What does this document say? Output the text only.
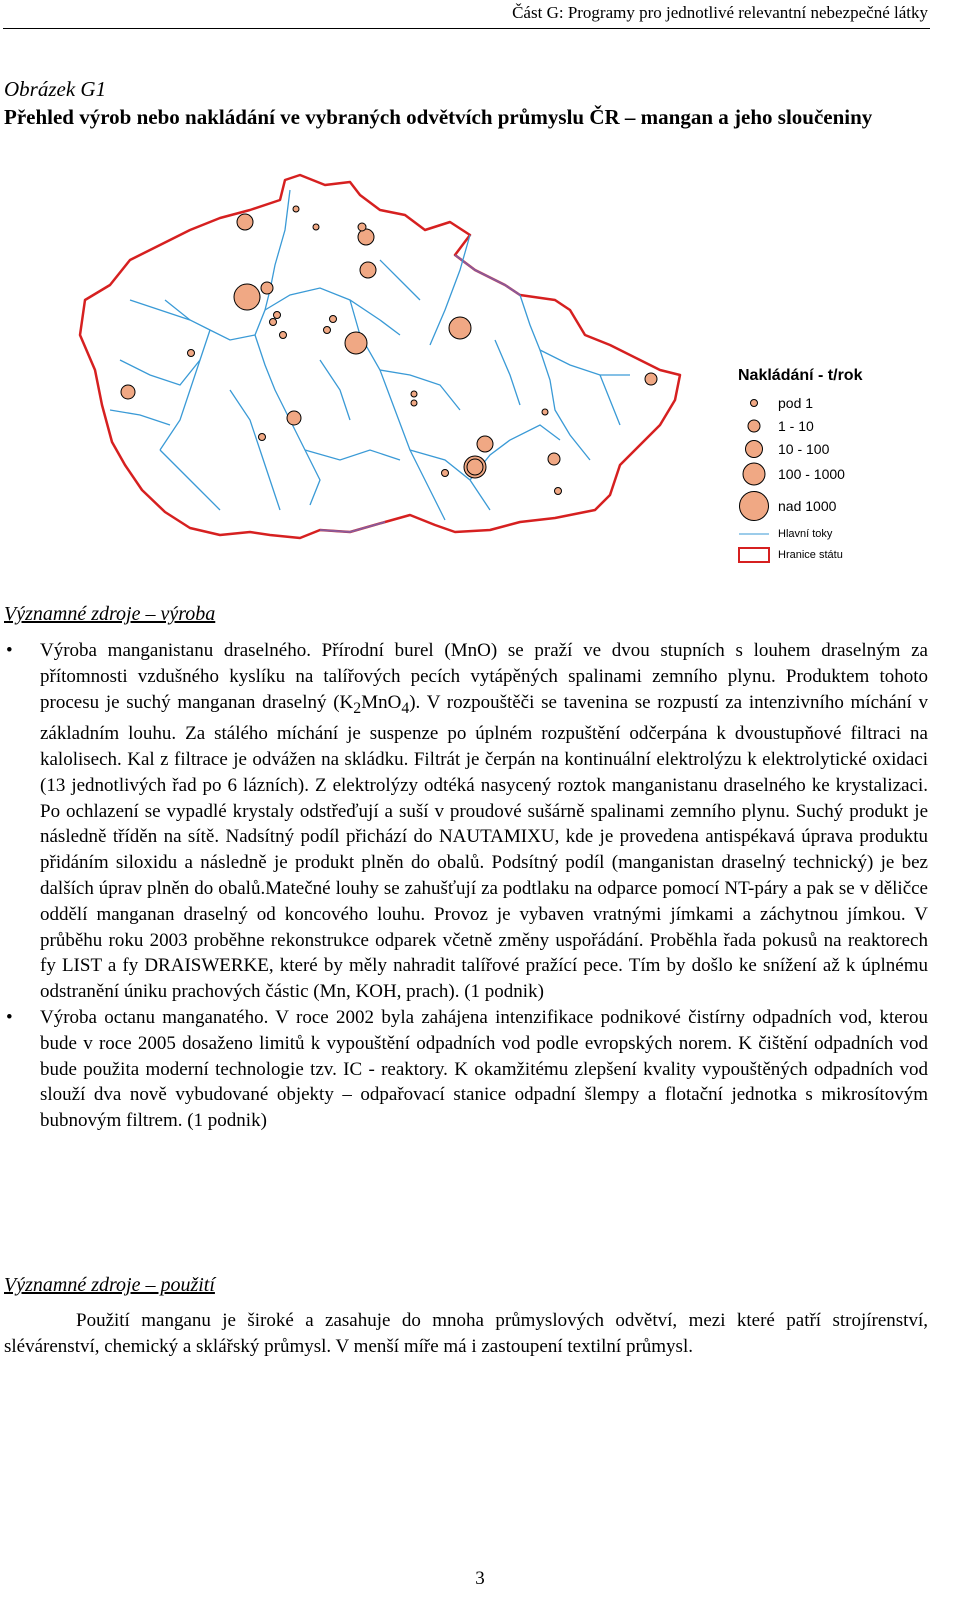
Část G: Programy pro jednotlivé relevantní nebezpečné látky
Obrázek G1
Přehled výrob nebo nakládání ve vybraných odvětvích průmyslu ČR – mangan a jeho sloučeniny
Nakládání - t/rok
pod 1
1 - 10
10 - 100
100 - 1000
nad 1000
Hlavní toky
Hranice státu
Významné zdroje – výroba
• Výroba manganistanu draselného. Přírodní burel (MnO) se praží ve dvou stupních s louhem draselným za přítomnosti vzdušného kyslíku na talířových pecích vytápěných spalinami zemního plynu. Produktem tohoto procesu je suchý manganan draselný $(K_2MnO_4)$. V rozpouštěči se tavenina se rozpustí za intenzivního míchání v základním louhu. Za stálého míchání je suspenze po úplném rozpuštění odčerpána k dvoustupňové filtraci na kalolisech. Kal z filtrace je odvážen na skládku. Filtrát je čerpán na kontinuální elektrolýzu k elektrolytické oxidaci (13 jednotlivých řad po 6 lázních). Z elektrolýzy odtéká nasycený roztok manganistanu draselného ke krystalizaci. Po ochlazení se vypadlé krystaly odstřeďují a suší v proudové sušárně spalinami zemního plynu. Suchý produkt je následně tříděn na sítě. Nadsítný podíl přichází do NAUTAMIXU, kde je provedena antispékavá úprava produktu přidáním siloxidu a následně je produkt plněn do obalů. Podsítný podíl (manganistan draselný technický) je bez dalších úprav plněn do obalů.Matečné louhy se zahušťují za podtlaku na odparce pomocí NT-páry a pak se v děličce oddělí manganan draselný od koncového louhu. Provoz je vybaven vratnými jímkami a záchytnou jímkou. V průběhu roku 2003 proběhne rekonstrukce odparek včetně změny uspořádání. Proběhla řada pokusů na reaktorech fy LIST a fy DRAISWERKE, které by měly nahradit talířové pražící pece. Tím by došlo ke snížení až k úplnému odstranění úniku prachových částic (Mn, KOH, prach). (1 podnik)
• Výroba octanu manganatého. V roce 2002 byla zahájena intenzifikace podnikové čistírny odpadních vod, kterou bude v roce 2005 dosaženo limitů k vypouštění odpadních vod podle evropských norem. K čištění odpadních vod bude použita moderní technologie tzv. IC - reaktory. K okamžitému zlepšení kvality vypouštěných odpadních vod slouží dva nově vybudované objekty – odpařovací stanice odpadní šlempy a flotační jednotka s mikrosítovým bubnovým filtrem. (1 podnik)
Významné zdroje – použití
Použití manganu je široké a zasahuje do mnoha průmyslových odvětví, mezi které patří strojírenství, slévárenství, chemický a sklářský průmysl. V menší míře má i zastoupení textilní průmysl.
3
